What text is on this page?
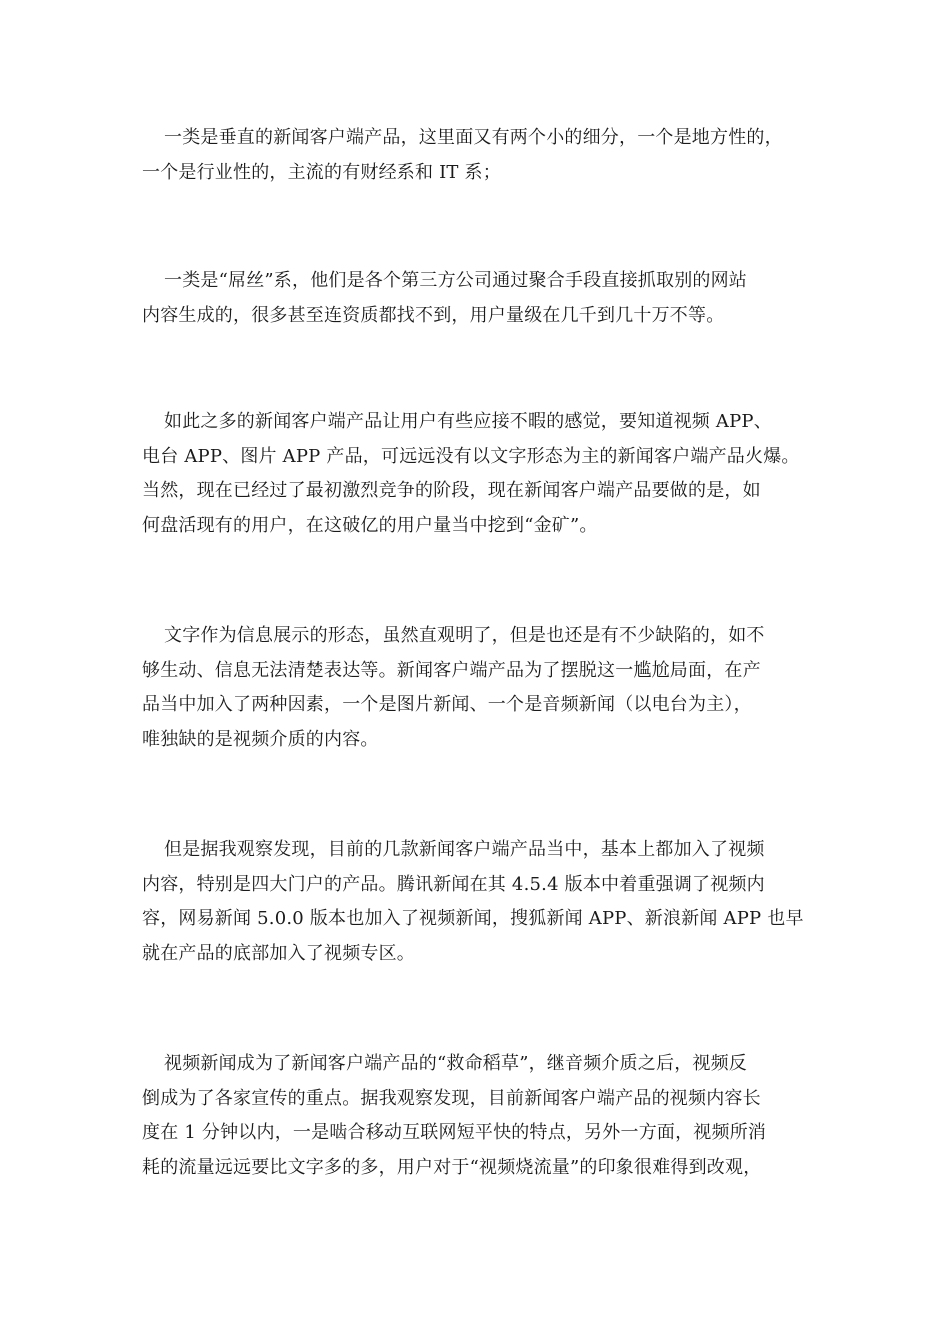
一类是垂直的新闻客户端产品，这里面又有两个小的细分，一个是地方性的，
一个是行业性的，主流的有财经系和 IT 系；
一类是“屌丝”系，他们是各个第三方公司通过聚合手段直接抓取别的网站
内容生成的，很多甚至连资质都找不到，用户量级在几千到几十万不等。
如此之多的新闻客户端产品让用户有些应接不暇的感觉，要知道视频 APP、
电台 APP、图片 APP 产品，可远远没有以文字形态为主的新闻客户端产品火爆。
当然，现在已经过了最初激烈竞争的阶段，现在新闻客户端产品要做的是，如
何盘活现有的用户，在这破亿的用户量当中挖到“金矿”。
文字作为信息展示的形态，虽然直观明了，但是也还是有不少缺陷的，如不
够生动、信息无法清楚表达等。新闻客户端产品为了摆脱这一尴尬局面，在产
品当中加入了两种因素，一个是图片新闻、一个是音频新闻（以电台为主），
唯独缺的是视频介质的内容。
但是据我观察发现，目前的几款新闻客户端产品当中，基本上都加入了视频
内容，特别是四大门户的产品。腾讯新闻在其 4.5.4 版本中着重强调了视频内
容，网易新闻 5.0.0 版本也加入了视频新闻，搜狐新闻 APP、新浪新闻 APP 也早
就在产品的底部加入了视频专区。
视频新闻成为了新闻客户端产品的“救命稻草”，继音频介质之后，视频反
倒成为了各家宣传的重点。据我观察发现，目前新闻客户端产品的视频内容长
度在 1 分钟以内，一是啮合移动互联网短平快的特点，另外一方面，视频所消
耗的流量远远要比文字多的多，用户对于“视频烧流量”的印象很难得到改观，
